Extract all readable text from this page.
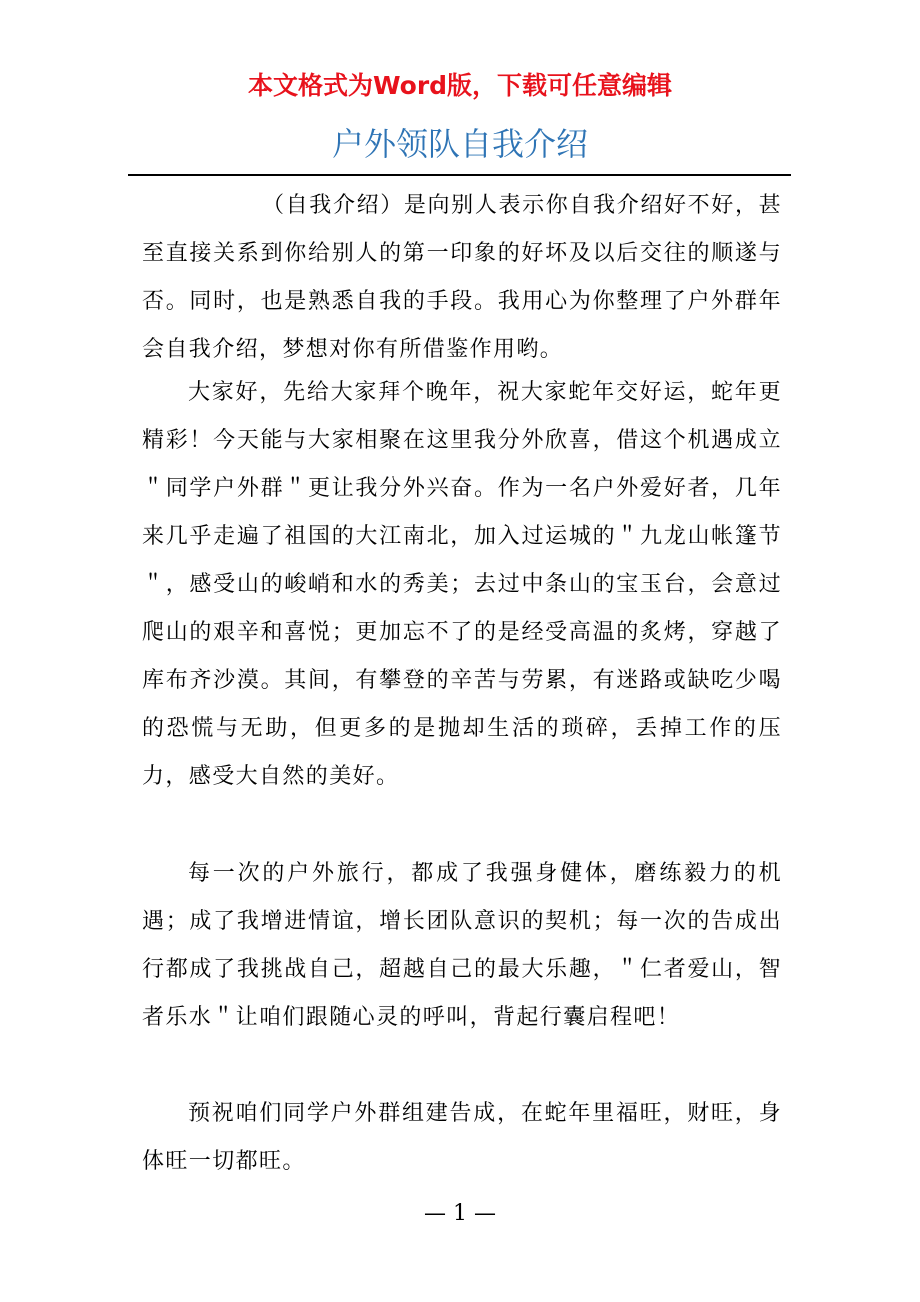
本文格式为Word版，下载可任意编辑
户外领队自我介绍

（自我介绍）是向别人表示你自我介绍好不好，甚至直接关系到你给别人的第一印象的好坏及以后交往的顺遂与否。同时，也是熟悉自我的手段。我用心为你整理了户外群年会自我介绍，梦想对你有所借鉴作用哟。

大家好，先给大家拜个晚年，祝大家蛇年交好运，蛇年更精彩！今天能与大家相聚在这里我分外欣喜，借这个机遇成立＂同学户外群＂更让我分外兴奋。作为一名户外爱好者，几年来几乎走遍了祖国的大江南北，加入过运城的＂九龙山帐篷节＂，感受山的峻峭和水的秀美；去过中条山的宝玉台，会意过爬山的艰辛和喜悦；更加忘不了的是经受高温的炙烤，穿越了库布齐沙漠。其间，有攀登的辛苦与劳累，有迷路或缺吃少喝的恐慌与无助，但更多的是抛却生活的琐碎，丢掉工作的压力，感受大自然的美好。

每一次的户外旅行，都成了我强身健体，磨练毅力的机遇；成了我增进情谊，增长团队意识的契机；每一次的告成出行都成了我挑战自己，超越自己的最大乐趣，＂仁者爱山，智者乐水＂让咱们跟随心灵的呼叫，背起行囊启程吧！

预祝咱们同学户外群组建告成，在蛇年里福旺，财旺，身体旺一切都旺。

— 1 —
